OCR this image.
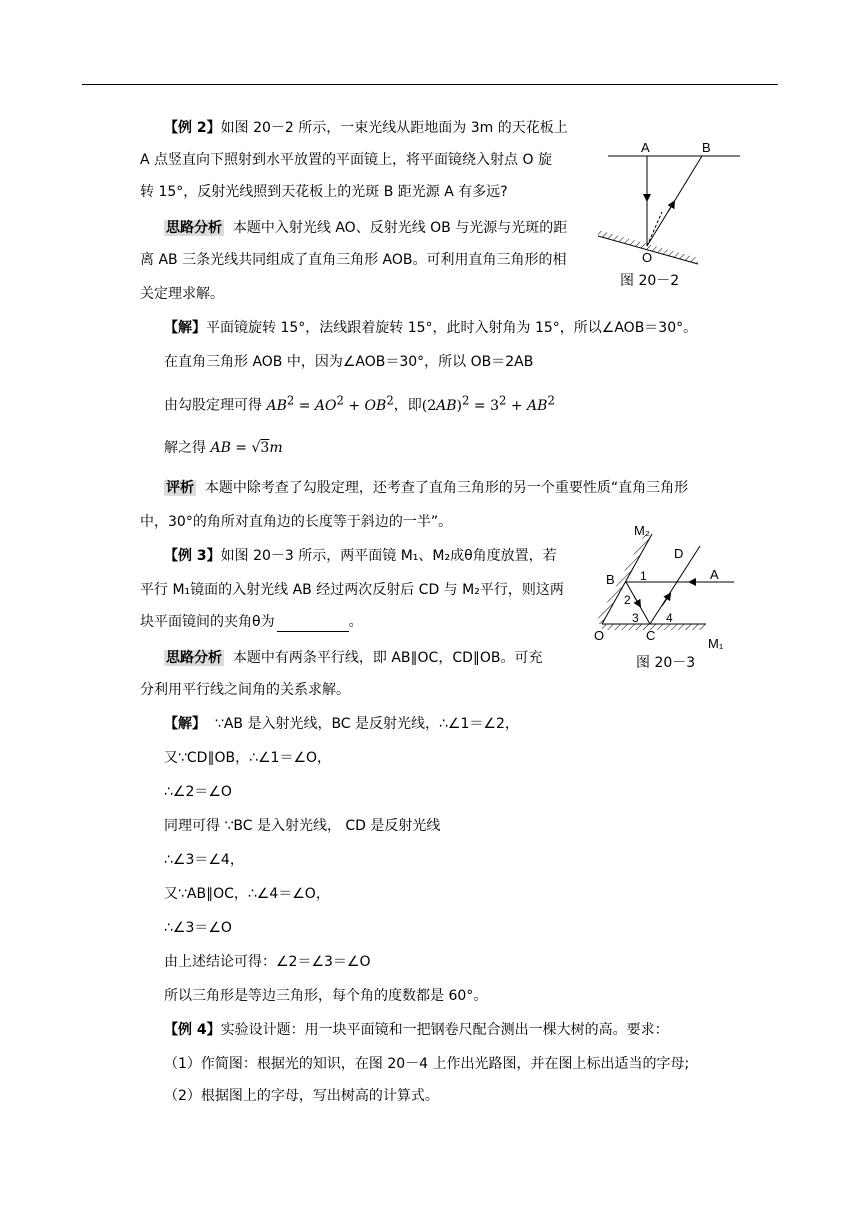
【例 2】如图 20－2 所示，一束光线从距地面为 3m 的天花板上
A 点竖直向下照射到水平放置的平面镜上，将平面镜绕入射点 O 旋
转 15°，反射光线照到天花板上的光斑 B 距光源 A 有多远?
思路分析 本题中入射光线 AO、反射光线 OB 与光源与光斑的距
离 AB 三条光线共同组成了直角三角形 AOB。可利用直角三角形的相
关定理求解。
【解】平面镜旋转 15°，法线跟着旋转 15°，此时入射角为 15°，所以∠AOB＝30°。
在直角三角形 AOB 中，因为∠AOB＝30°，所以 OB＝2AB
由勾股定理可得 $AB^2 = AO^2 + OB^2$，即$(2AB)^2 = 3^2 + AB^2$
解之得 AB = √3m
评析 本题中除考查了勾股定理，还考查了直角三角形的另一个重要性质“直角三角形
中，30°的角所对直角边的长度等于斜边的一半”。
【例 3】如图 20－3 所示，两平面镜 M₁、M₂成θ角度放置，若
平行 M₁镜面的入射光线 AB 经过两次反射后 CD 与 M₂平行，则这两
块平面镜间的夹角θ为	。
思路分析 本题中有两条平行线，即 AB∥OC，CD∥OB。可充
分利用平行线之间角的关系求解。
【解】 ∵AB 是入射光线，BC 是反射光线，∴∠1＝∠2，
又∵CD∥OB，∴∠1＝∠O，
∴∠2＝∠O
同理可得 ∵BC 是入射光线， CD 是反射光线
∴∠3＝∠4，
又∵AB∥OC，∴∠4＝∠O，
∴∠3＝∠O
由上述结论可得：∠2＝∠3＝∠O
所以三角形是等边三角形，每个角的度数都是 60°。
【例 4】实验设计题：用一块平面镜和一把钢卷尺配合测出一棵大树的高。要求：
（1）作简图：根据光的知识，在图 20－4 上作出光路图，并在图上标出适当的字母;
（2）根据图上的字母，写出树高的计算式。
A	B
O
图 20－2
M₂
D
B 1	A
2
3 4
O	C
M₁
图 20－3
